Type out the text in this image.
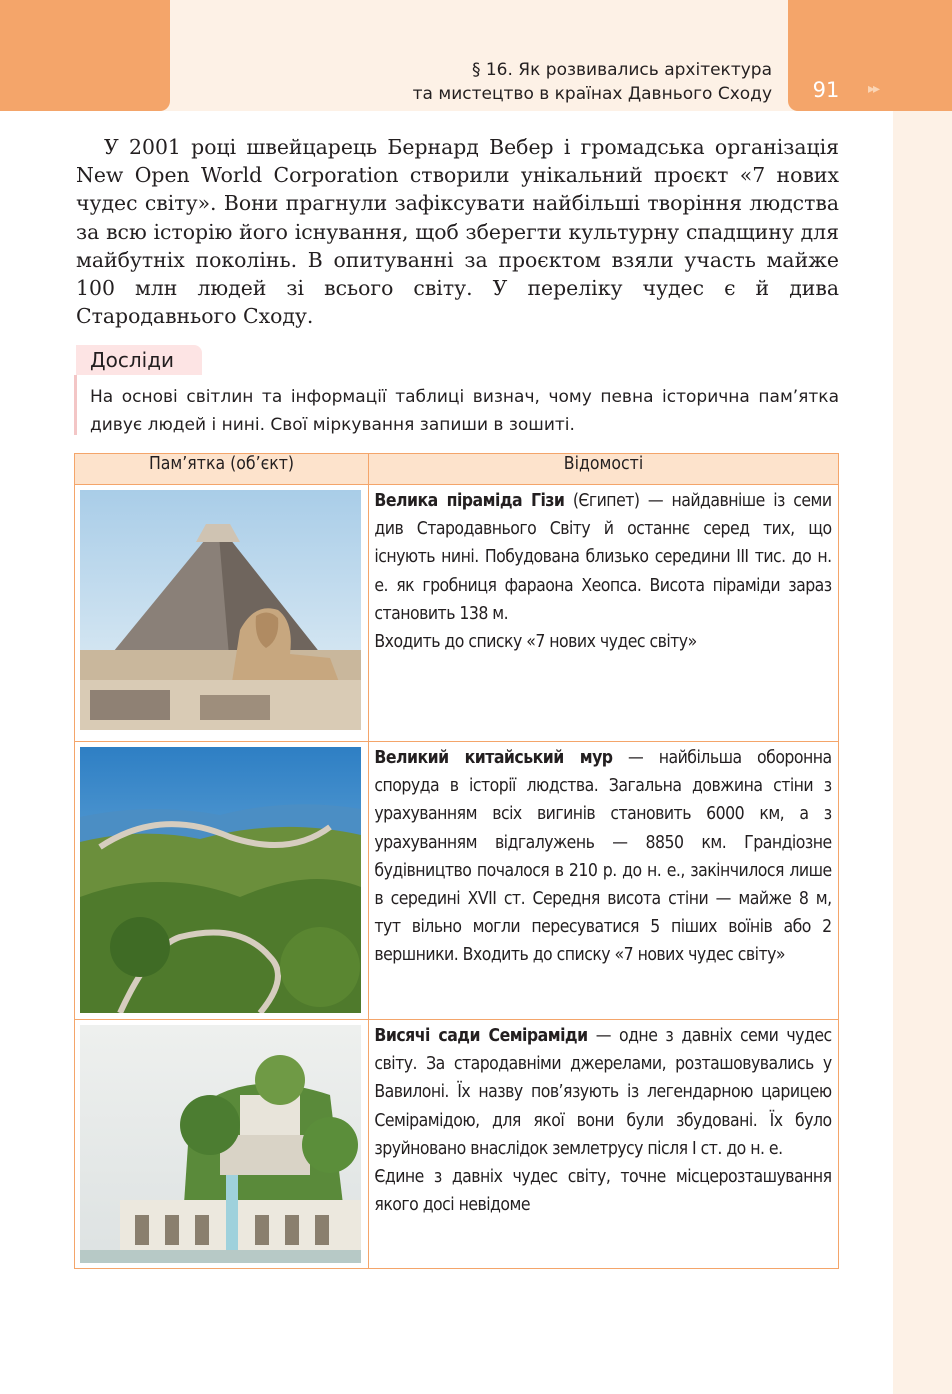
§ 16. Як розвивались архітектура
та мистецтво в країнах Давнього Сходу 91	▸▸

У 2001 році швейцарець Бернард Вебер і громадська організація New Open World Corporation створили унікальний проєкт «7 нових чудес світу». Вони прагнули зафіксувати найбільші творіння людства за всю історію його існування, щоб зберегти культурну спадщину для майбутніх поколінь. В опитуванні за проєктом взяли участь майже 100 млн людей зі всього світу. У переліку чудес є й дива Стародавнього Сходу.

Досліди

На основі світлин та інформації таблиці визнач, чому певна історична пам’ятка дивує людей і нині. Свої міркування запиши в зошиті.

Пам’ятка (об’єкт)	Відомості

Велика піраміда Гізи (Єгипет) — найдавніше із семи див Стародавнього Світу й останнє серед тих, що існують нині. Побудована близько середини ІІІ тис. до н. е. як гробниця фараона Хеопса. Висота піраміди зараз становить 138 м.
Входить до списку «7 нових чудес світу»

Великий китайський мур — найбільша оборонна споруда в історії людства. Загальна довжина стіни з урахуванням всіх вигинів становить 6000 км, а з урахуванням відгалужень — 8850 км. Грандіозне будівництво почалося в 210 р. до н. е., закінчилося лише в середині XVII ст. Середня висота стіни — майже 8 м, тут вільно могли пересуватися 5 піших воїнів або 2 вершники. Входить до списку «7 нових чудес світу»

Висячі сади Семіраміди — одне з давніх семи чудес світу. За стародавніми джерелами, розташовувались у Вавилоні. Їх назву пов’язують із легендарною царицею Семірамідою, для якої вони були збудовані. Їх було зруйновано внаслідок землетрусу після І ст. до н. е.
Єдине з давніх чудес світу, точне місцерозташування якого досі невідоме
